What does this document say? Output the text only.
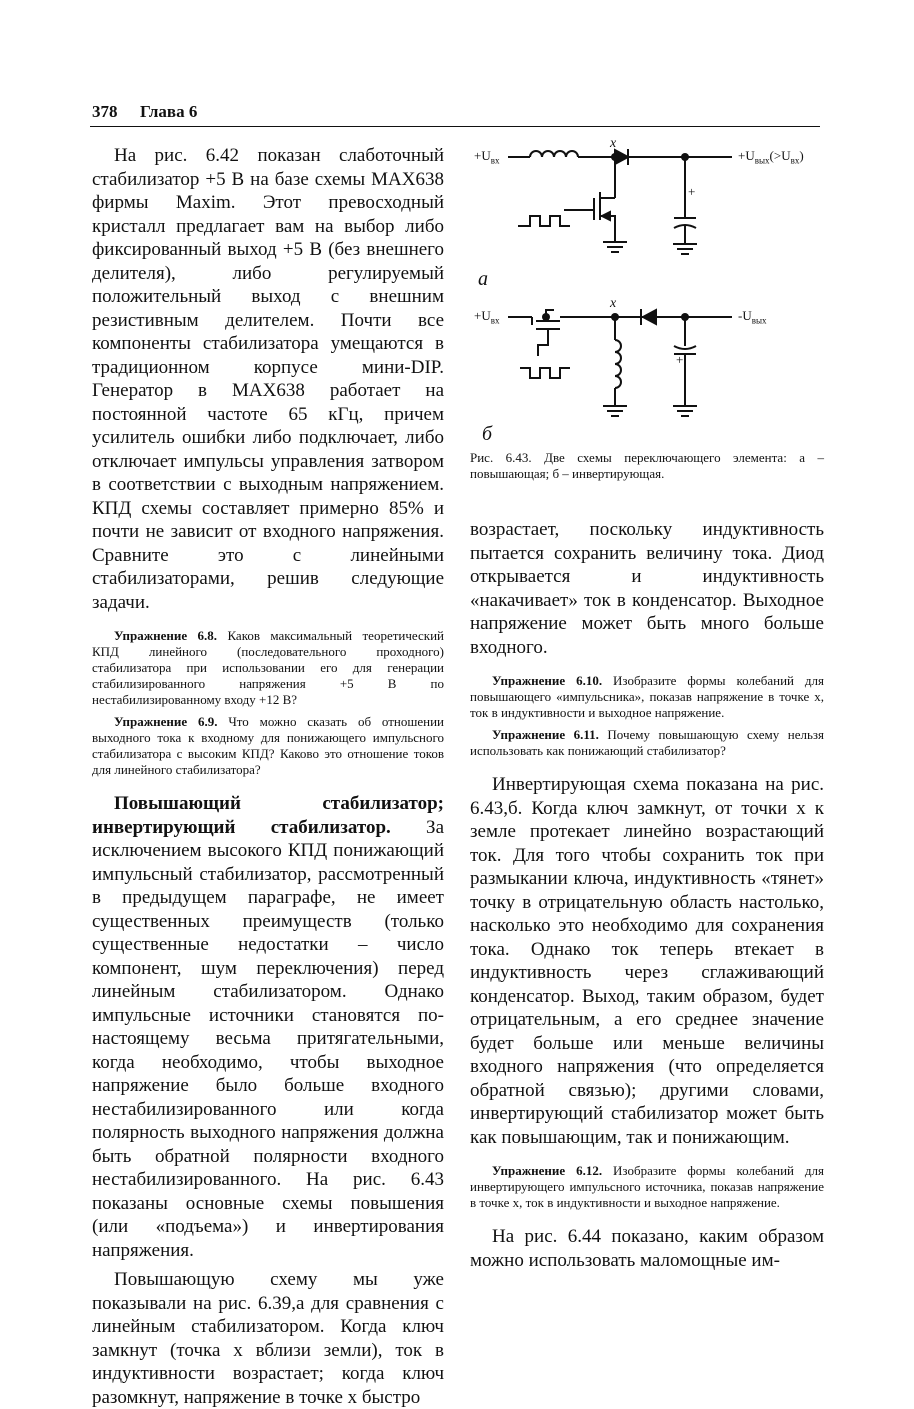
378 Глава 6

На рис. 6.42 показан слаботочный стабилизатор +5 В на базе схемы МАХ638 фирмы Maxim. Этот превосходный кристалл предлагает вам на выбор либо фиксированный выход +5 В (без внешнего делителя), либо регулируемый положительный выход с внешним резистивным делителем. Почти все компоненты стабилизатора умещаются в традиционном корпусе мини-DIP. Генератор в МАХ638 работает на постоянной частоте 65 кГц, причем усилитель ошибки либо подключает, либо отключает импульсы управления затвором в соответствии с выходным напряжением. КПД схемы составляет примерно 85% и почти не зависит от входного напряжения. Сравните это с линейными стабилизаторами, решив следующие задачи.

Упражнение 6.8. Каков максимальный теоретический КПД линейного (последовательного проходного) стабилизатора при использовании его для генерации стабилизированного напряжения +5 В по нестабилизированному входу +12 В?

Упражнение 6.9. Что можно сказать об отношении выходного тока к входному для понижающего импульсного стабилизатора с высоким КПД? Каково это отношение токов для линейного стабилизатора?

Повышающий стабилизатор; инвертирующий стабилизатор. За исключением высокого КПД понижающий импульсный стабилизатор, рассмотренный в предыдущем параграфе, не имеет существенных преимуществ (только существенные недостатки – число компонент, шум переключения) перед линейным стабилизатором. Однако импульсные источники становятся по-настоящему весьма притягательными, когда необходимо, чтобы выходное напряжение было больше входного нестабилизированного или когда полярность выходного напряжения должна быть обратной полярности входного нестабилизированного. На рис. 6.43 показаны основные схемы повышения (или «подъема») и инвертирования напряжения.

Повышающую схему мы уже показывали на рис. 6.39,а для сравнения с линейным стабилизатором. Когда ключ замкнут (точка x вблизи земли), ток в индуктивности возрастает; когда ключ разомкнут, напряжение в точке x быстро

$+U_{вх}$	$+U_{вых}(>U_{вх})$
x
+
а
$+U_{вх}$	$-U_{вых}$
x
+
б

Рис. 6.43. Две схемы переключающего элемента: а – повышающая; б – инвертирующая.

возрастает, поскольку индуктивность пытается сохранить величину тока. Диод открывается и индуктивность «накачивает» ток в конденсатор. Выходное напряжение может быть много больше входного.

Упражнение 6.10. Изобразите формы колебаний для повышающего «импульсника», показав напряжение в точке x, ток в индуктивности и выходное напряжение.

Упражнение 6.11. Почему повышающую схему нельзя использовать как понижающий стабилизатор?

Инвертирующая схема показана на рис. 6.43,б. Когда ключ замкнут, от точки x к земле протекает линейно возрастающий ток. Для того чтобы сохранить ток при размыкании ключа, индуктивность «тянет» точку в отрицательную область настолько, насколько это необходимо для сохранения тока. Однако ток теперь втекает в индуктивность через сглаживающий конденсатор. Выход, таким образом, будет отрицательным, а его среднее значение будет больше или меньше величины входного напряжения (что определяется обратной связью); другими словами, инвертирующий стабилизатор может быть как повышающим, так и понижающим.

Упражнение 6.12. Изобразите формы колебаний для инвертирующего импульсного источника, показав напряжение в точке x, ток в индуктивности и выходное напряжение.

На рис. 6.44 показано, каким образом можно использовать маломощные им-
